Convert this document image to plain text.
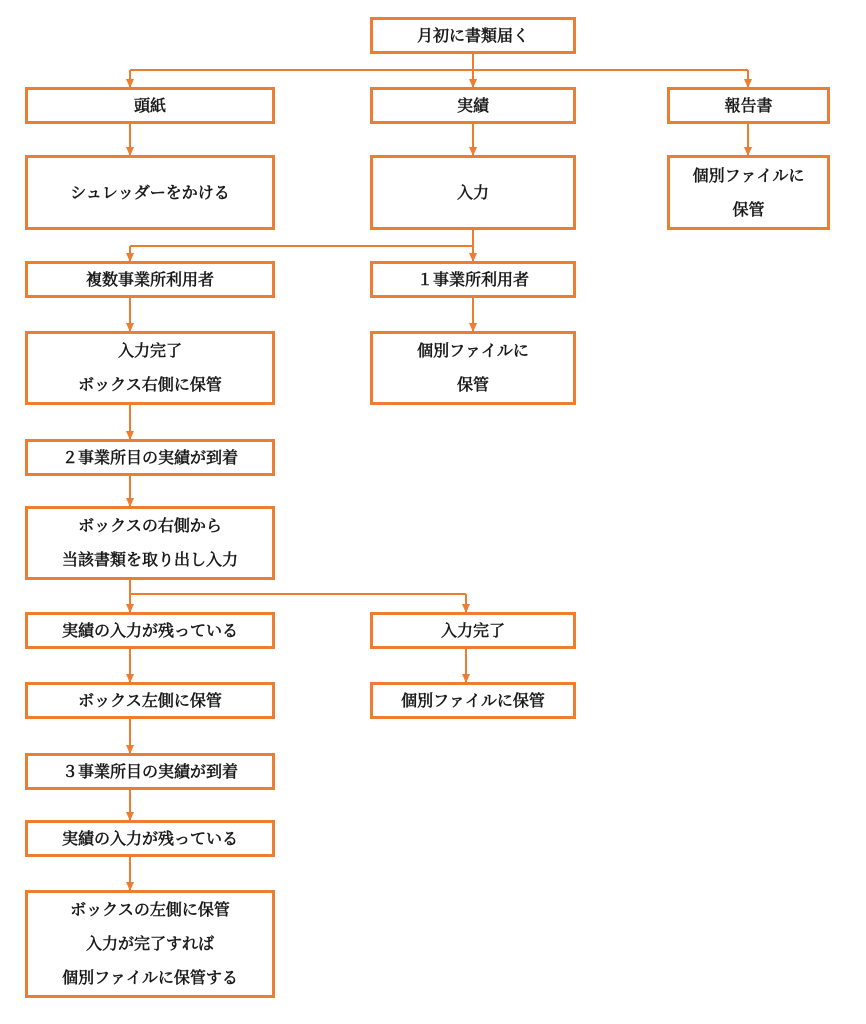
月初に書類届く
頭紙	実績	報告書
シュレッダーをかける	入力
個別ファイルに
保管
複数事業所利用者	１事業所利用者
入力完了
ボックス右側に保管
個別ファイルに
保管
２事業所目の実績が到着
ボックスの右側から
当該書類を取り出し入力
実績の入力が残っている	入力完了
ボックス左側に保管	個別ファイルに保管
３事業所目の実績が到着
実績の入力が残っている
ボックスの左側に保管
入力が完了すれば
個別ファイルに保管する
